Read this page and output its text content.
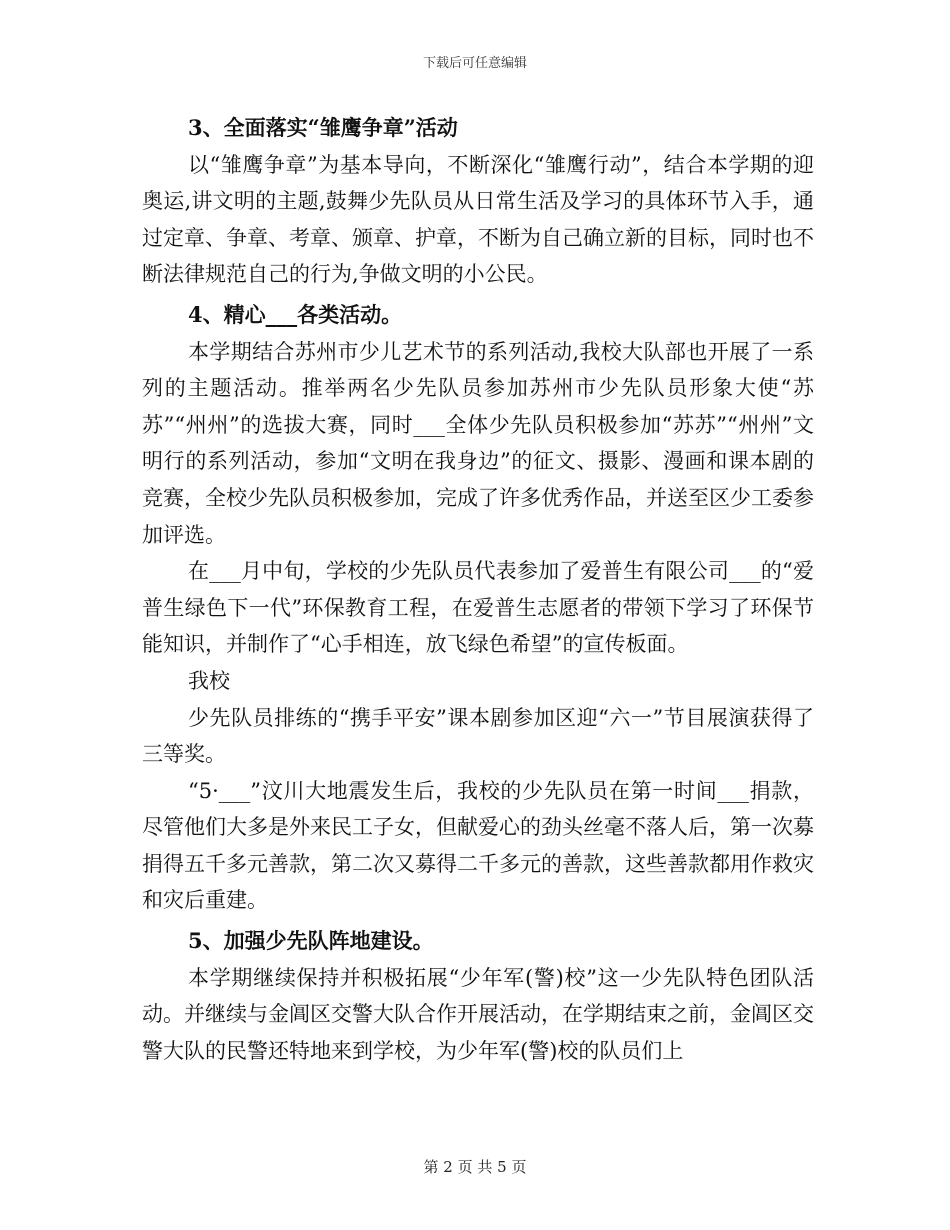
下载后可任意编辑

3、全面落实“雏鹰争章”活动

以“雏鹰争章”为基本导向，不断深化“雏鹰行动”，结合本学期的迎奥运,讲文明的主题,鼓舞少先队员从日常生活及学习的具体环节入手，通过定章、争章、考章、颁章、护章，不断为自己确立新的目标，同时也不断法律规范自己的行为,争做文明的小公民。

4、精心___各类活动。

本学期结合苏州市少儿艺术节的系列活动,我校大队部也开展了一系列的主题活动。推举两名少先队员参加苏州市少先队员形象大使“苏苏”“州州”的选拔大赛，同时___全体少先队员积极参加“苏苏”“州州”文明行的系列活动，参加“文明在我身边”的征文、摄影、漫画和课本剧的竞赛，全校少先队员积极参加，完成了许多优秀作品，并送至区少工委参加评选。

在___月中旬，学校的少先队员代表参加了爱普生有限公司___的“爱普生绿色下一代”环保教育工程，在爱普生志愿者的带领下学习了环保节能知识，并制作了“心手相连，放飞绿色希望”的宣传板面。

我校

少先队员排练的“携手平安”课本剧参加区迎“六一”节目展演获得了三等奖。

“5·___”汶川大地震发生后，我校的少先队员在第一时间___捐款，尽管他们大多是外来民工子女，但献爱心的劲头丝毫不落人后，第一次募捐得五千多元善款，第二次又募得二千多元的善款，这些善款都用作救灾和灾后重建。

5、加强少先队阵地建设。

本学期继续保持并积极拓展“少年军(警)校”这一少先队特色团队活动。并继续与金阊区交警大队合作开展活动，在学期结束之前，金阊区交警大队的民警还特地来到学校，为少年军(警)校的队员们上

第 2 页 共 5 页
